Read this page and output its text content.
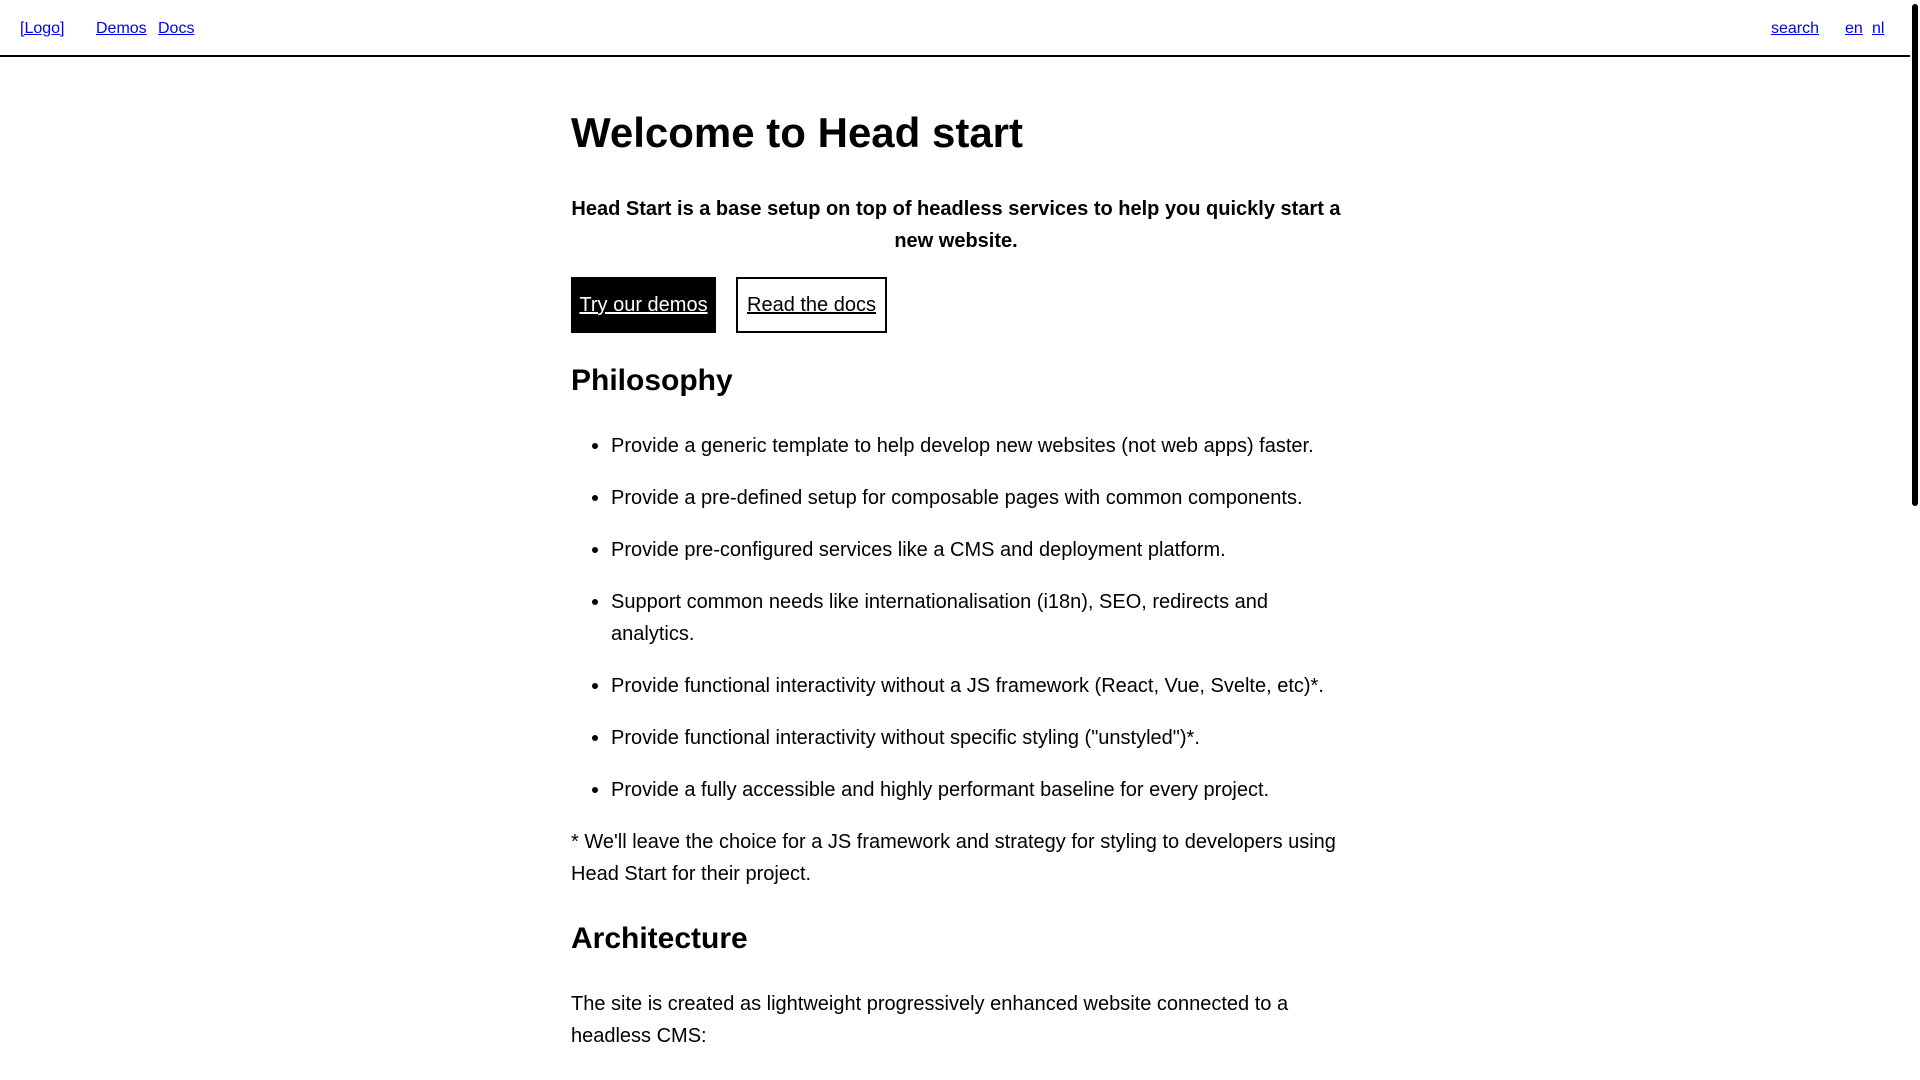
[Logo] Demos Docs	search en nl
Welcome to Head start

Head Start is a base setup on top of headless services to help you quickly start a new website.

Try our demos	Read the docs
Philosophy
Provide a generic template to help develop new websites (not web apps) faster.
Provide a pre-defined setup for composable pages with common components.
Provide pre-configured services like a CMS and deployment platform.
Support common needs like internationalisation (i18n), SEO, redirects and analytics.
Provide functional interactivity without a JS framework (React, Vue, Svelte, etc)*.
Provide functional interactivity without specific styling ("unstyled")*.
Provide a fully accessible and highly performant baseline for every project.

* We'll leave the choice for a JS framework and strategy for styling to developers using Head Start for their project.

Architecture

The site is created as lightweight progressively enhanced website connected to a headless CMS:
